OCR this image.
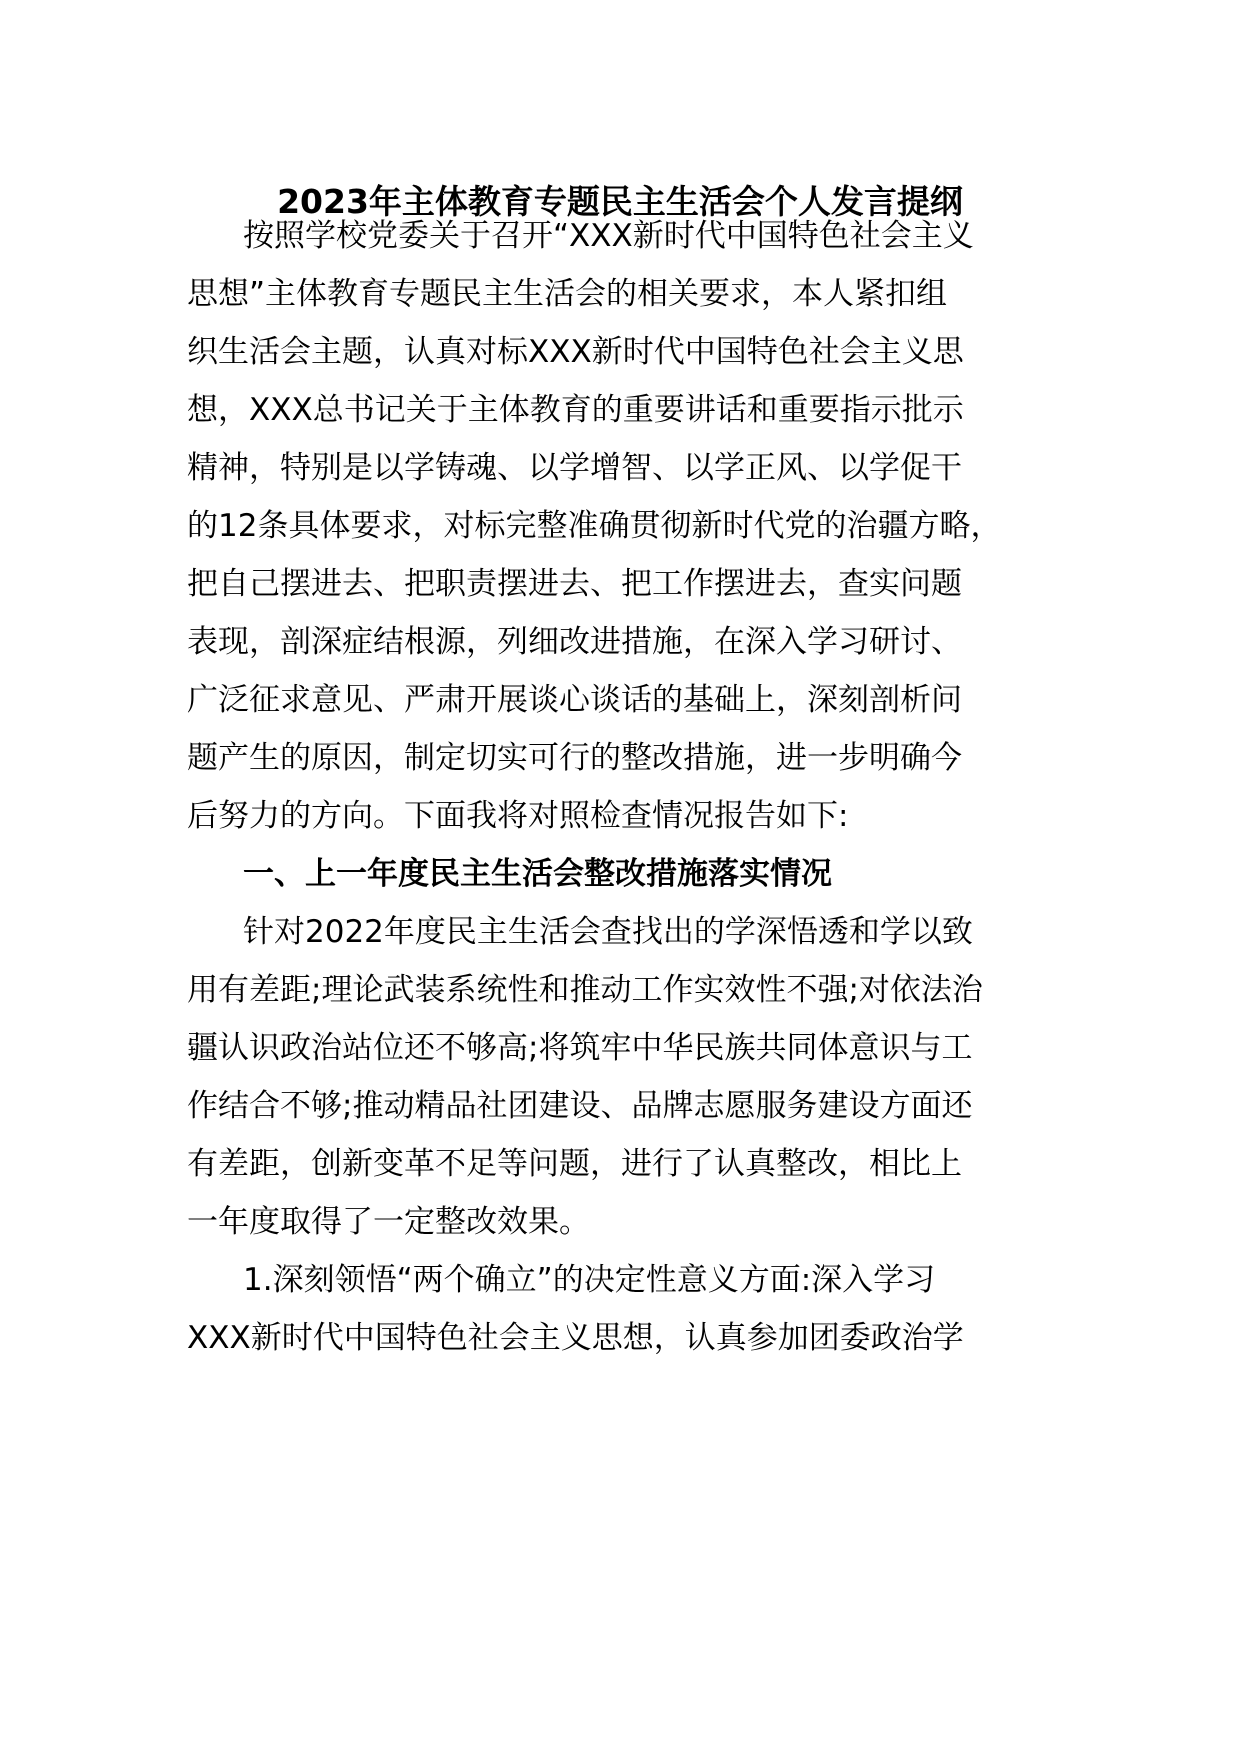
2023年主体教育专题民主生活会个人发言提纲

按照学校党委关于召开“XXX新时代中国特色社会主义

思想”主体教育专题民主生活会的相关要求，本人紧扣组

织生活会主题，认真对标XXX新时代中国特色社会主义思

想，XXX总书记关于主体教育的重要讲话和重要指示批示

精神，特别是以学铸魂、以学增智、以学正风、以学促干

的12条具体要求，对标完整准确贯彻新时代党的治疆方略，

把自己摆进去、把职责摆进去、把工作摆进去，查实问题

表现，剖深症结根源，列细改进措施，在深入学习研讨、

广泛征求意见、严肃开展谈心谈话的基础上，深刻剖析问

题产生的原因，制定切实可行的整改措施，进一步明确今

后努力的方向。下面我将对照检查情况报告如下:

一、上一年度民主生活会整改措施落实情况

针对2022年度民主生活会查找出的学深悟透和学以致

用有差距;理论武装系统性和推动工作实效性不强;对依法治

疆认识政治站位还不够高;将筑牢中华民族共同体意识与工

作结合不够;推动精品社团建设、品牌志愿服务建设方面还

有差距，创新变革不足等问题，进行了认真整改，相比上

一年度取得了一定整改效果。

1.深刻领悟“两个确立”的决定性意义方面:深入学习

XXX新时代中国特色社会主义思想，认真参加团委政治学
